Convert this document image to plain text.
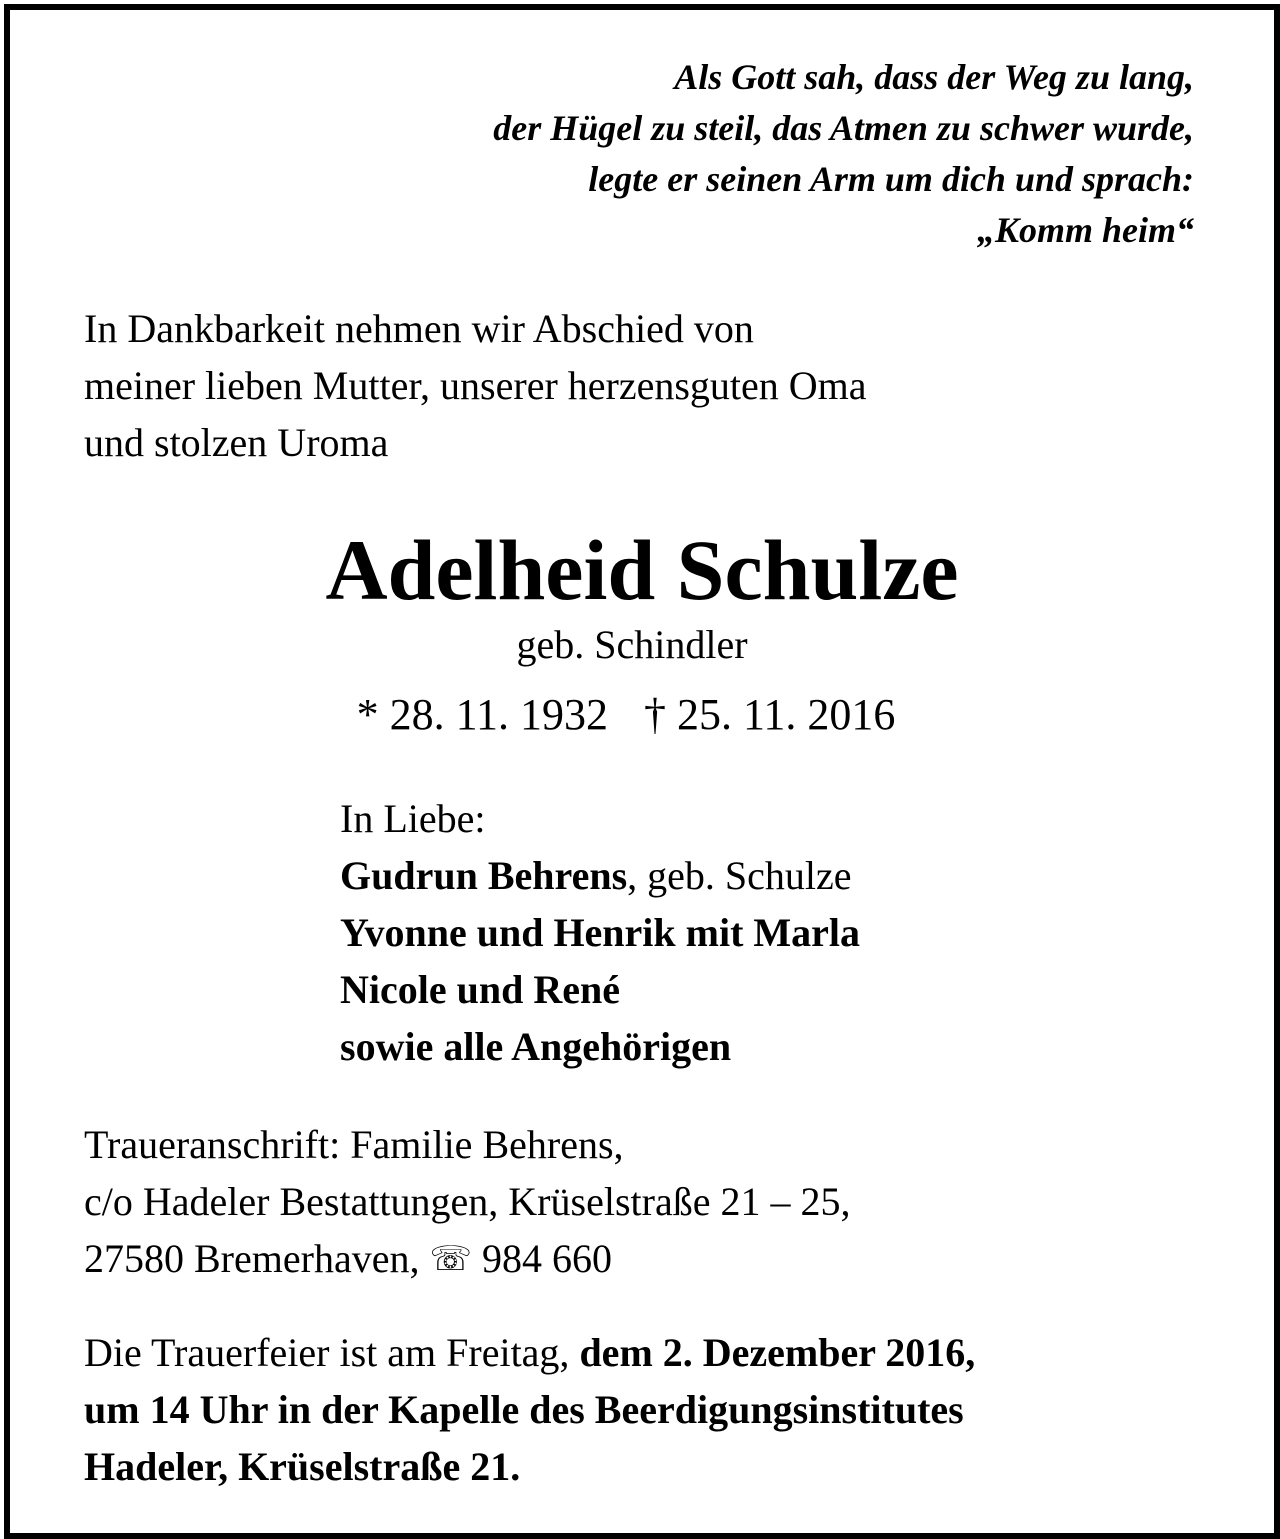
Als Gott sah, dass der Weg zu lang,
der Hügel zu steil, das Atmen zu schwer wurde,
legte er seinen Arm um dich und sprach:
„Komm heim“
In Dankbarkeit nehmen wir Abschied von
meiner lieben Mutter, unserer herzensguten Oma
und stolzen Uroma
Adelheid Schulze
geb. Schindler
* 28. 11. 1932 † 25. 11. 2016
In Liebe:
Gudrun Behrens, geb. Schulze
Yvonne und Henrik mit Marla
Nicole und René
sowie alle Angehörigen
Traueranschrift: Familie Behrens,
c/o Hadeler Bestattungen, Krüselstraße 21 – 25,
27580 Bremerhaven, ☏ 984 660
Die Trauerfeier ist am Freitag, dem 2. Dezember 2016,
um 14 Uhr in der Kapelle des Beerdigungsinstitutes
Hadeler, Krüselstraße 21.
